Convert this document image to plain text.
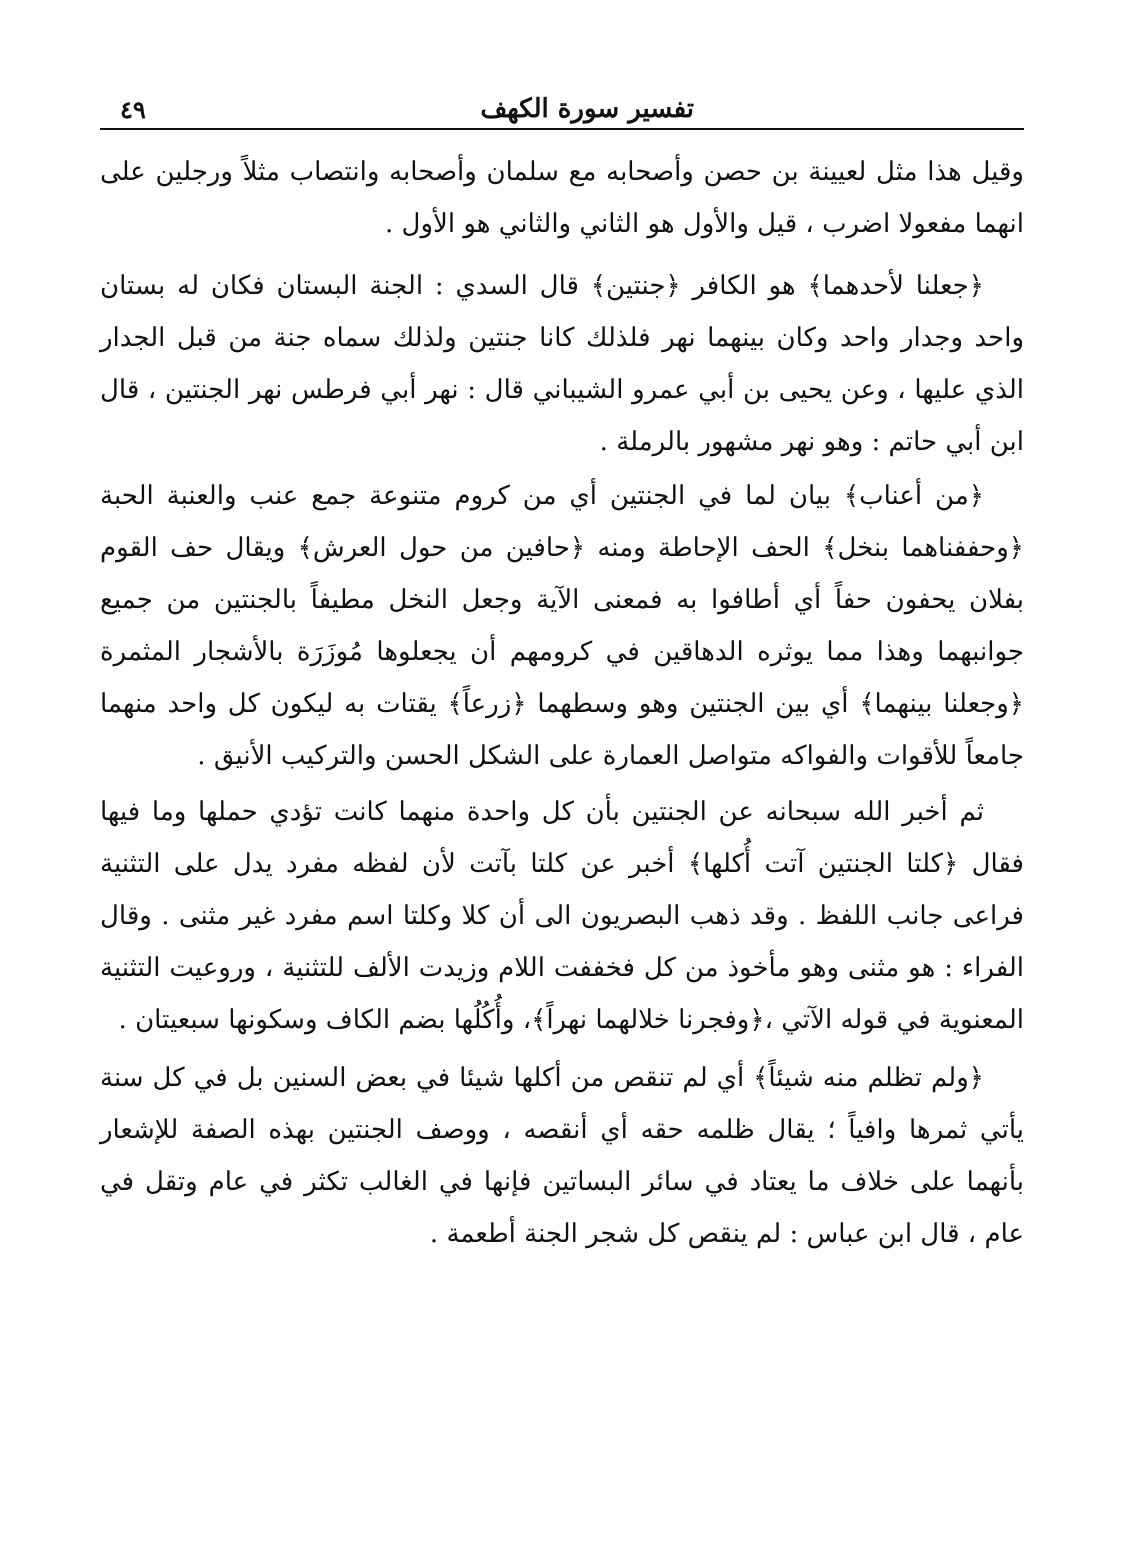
تفسير سورة الكهف
٤٩

وقيل هذا مثل لعيينة بن حصن وأصحابه مع سلمان وأصحابه وانتصاب مثلاً ورجلين على انهما مفعولا اضرب ، قيل والأول هو الثاني والثاني هو الأول .

﴿جعلنا لأحدهما﴾ هو الكافر ﴿جنتين﴾ قال السدي : الجنة البستان فكان له بستان واحد وجدار واحد وكان بينهما نهر فلذلك كانا جنتين ولذلك سماه جنة من قبل الجدار الذي عليها ، وعن يحيى بن أبي عمرو الشيباني قال : نهر أبي فرطس نهر الجنتين ، قال ابن أبي حاتم : وهو نهر مشهور بالرملة .

﴿من أعناب﴾ بيان لما في الجنتين أي من كروم متنوعة جمع عنب والعنبة الحبة ﴿وحففناهما بنخل﴾ الحف الإحاطة ومنه ﴿حافين من حول العرش﴾ ويقال حف القوم بفلان يحفون حفاً أي أطافوا به فمعنى الآية وجعل النخل مطيفاً بالجنتين من جميع جوانبهما وهذا مما يوثره الدهاقين في كرومهم أن يجعلوها مُوزَرَة بالأشجار المثمرة ﴿وجعلنا بينهما﴾ أي بين الجنتين وهو وسطهما ﴿زرعاً﴾ يقتات به ليكون كل واحد منهما جامعاً للأقوات والفواكه متواصل العمارة على الشكل الحسن والتركيب الأنيق .

ثم أخبر الله سبحانه عن الجنتين بأن كل واحدة منهما كانت تؤدي حملها وما فيها فقال ﴿كلتا الجنتين آتت أُكلها﴾ أخبر عن كلتا بآتت لأن لفظه مفرد يدل على التثنية فراعى جانب اللفظ . وقد ذهب البصريون الى أن كلا وكلتا اسم مفرد غير مثنى . وقال الفراء : هو مثنى وهو مأخوذ من كل فخففت اللام وزيدت الألف للتثنية ، وروعيت التثنية المعنوية في قوله الآتي ،﴿وفجرنا خلالهما نهراً﴾، وأُكُلُها بضم الكاف وسكونها سبعيتان .

﴿ولم تظلم منه شيئاً﴾ أي لم تنقص من أكلها شيئا في بعض السنين بل في كل سنة يأتي ثمرها وافياً ؛ يقال ظلمه حقه أي أنقصه ، ووصف الجنتين بهذه الصفة للإشعار بأنهما على خلاف ما يعتاد في سائر البساتين فإنها في الغالب تكثر في عام وتقل في عام ، قال ابن عباس : لم ينقص كل شجر الجنة أطعمة .
